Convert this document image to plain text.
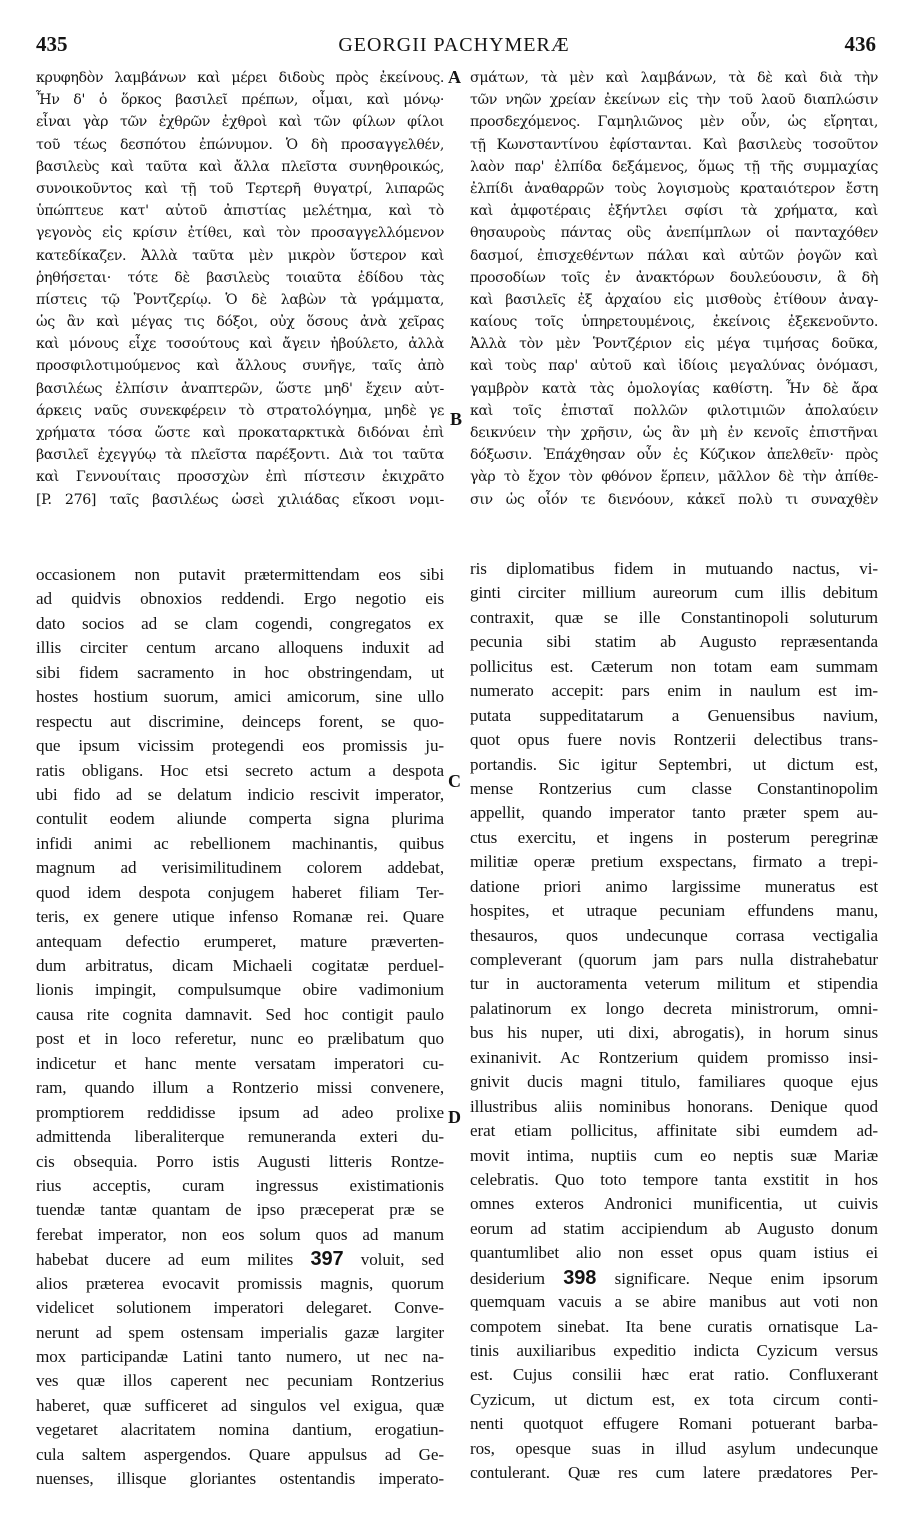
435	GEORGII PACHYMERÆ	436
A
B
C
D

κρυφηδὸν λαμβάνων καὶ μέρει διδοὺς πρὸς ἐκείνους.

Ἦν δ' ὁ ὅρκος βασιλεῖ πρέπων, οἶμαι, καὶ μόνῳ·

εἶναι γὰρ τῶν ἐχθρῶν ἐχθροὶ καὶ τῶν φίλων φίλοι

τοῦ τέως δεσπότου ἐπώνυμον. Ὁ δὴ προσαγγελθέν,

βασιλεὺς καὶ ταῦτα καὶ ἄλλα πλεῖστα συνηθροικώς,

συνοικοῦντος καὶ τῇ τοῦ Τερτερῆ θυγατρί, λιπαρῶς

ὑπώπτευε κατ' αὐτοῦ ἀπιστίας μελέτημα, καὶ τὸ

γεγονὸς εἰς κρίσιν ἐτίθει, καὶ τὸν προσαγγελλόμενον

κατεδίκαζεν. Ἀλλὰ ταῦτα μὲν μικρὸν ὕστερον καὶ

ῥηθήσεται· τότε δὲ βασιλεὺς τοιαῦτα ἐδίδου τὰς

πίστεις τῷ Ῥοντζερίῳ. Ὁ δὲ λαβὼν τὰ γράμματα,

ὡς ἂν καὶ μέγας τις δόξοι, οὐχ ὅσους ἀνὰ χεῖρας

καὶ μόνους εἶχε τοσούτους καὶ ἄγειν ἠβούλετο, ἀλλὰ

προσφιλοτιμούμενος καὶ ἄλλους συνῆγε, ταῖς ἀπὸ

βασιλέως ἐλπίσιν ἀναπτερῶν, ὥστε μηδ' ἔχειν αὐτ-

άρκεις ναῦς συνεκφέρειν τὸ στρατολόγημα, μηδὲ γε

χρήματα τόσα ὥστε καὶ προκαταρκτικὰ διδόναι ἐπὶ

βασιλεῖ ἐχεγγύῳ τὰ πλεῖστα παρέξοντι. Διὰ τοι ταῦτα

καὶ Γεννουίταις προσσχὼν ἐπὶ πίστεσιν ἐκιχρᾶτο

[P. 276] ταῖς βασιλέως ὡσεὶ χιλιάδας εἴκοσι νομι-

σμάτων, τὰ μὲν καὶ λαμβάνων, τὰ δὲ καὶ διὰ τὴν

τῶν νηῶν χρείαν ἐκείνων εἰς τὴν τοῦ λαοῦ διαπλώσιν

προσδεχόμενος. Γαμηλιῶνος μὲν οὖν, ὡς εἴρηται,

τῇ Κωνσταντίνου ἐφίστανται. Καὶ βασιλεὺς τοσοῦτον

λαὸν παρ' ἐλπίδα δεξάμενος, ὅμως τῇ τῆς συμμαχίας

ἐλπίδι ἀναθαρρῶν τοὺς λογισμοὺς κραταιότερον ἔστη

καὶ ἀμφοτέραις ἐξήντλει σφίσι τὰ χρήματα, καὶ

θησαυροὺς πάντας οὓς ἀνεπίμπλων οἱ πανταχόθεν

δασμοί, ἐπισχεθέντων πάλαι καὶ αὐτῶν ῥογῶν καὶ

προσοδίων τοῖς ἐν ἀνακτόρων δουλεύουσιν, ἃ δὴ

καὶ βασιλεῖς ἐξ ἀρχαίου εἰς μισθοὺς ἐτίθουν ἀναγ-

καίους τοῖς ὑπηρετουμένοις, ἐκείνοις ἐξεκενοῦντο.

Ἀλλὰ τὸν μὲν Ῥοντζέριον εἰς μέγα τιμήσας δοῦκα,

καὶ τοὺς παρ' αὐτοῦ καὶ ἰδίοις μεγαλύνας ὀνόμασι,

γαμβρὸν κατὰ τὰς ὁμολογίας καθίστη. Ἦν δὲ ἄρα

καὶ τοῖς ἐπισταῖ πολλῶν φιλοτιμιῶν ἀπολαύειν

δεικνύειν τὴν χρῆσιν, ὡς ἂν μὴ ἐν κενοῖς ἐπιστῆναι

δόξωσιν. Ἐπάχθησαν οὖν ἐς Κύζικον ἀπελθεῖν· πρὸς

γὰρ τὸ ἔχον τὸν φθόνον ἕρπειν, μᾶλλον δὲ τὴν ἀπίθε-

σιν ὡς οἷόν τε διενόουν, κἀκεῖ πολὺ τι συναχθὲν

occasionem non putavit prætermittendam eos sibi

ad quidvis obnoxios reddendi. Ergo negotio eis

dato socios ad se clam cogendi, congregatos ex

illis circiter centum arcano alloquens induxit ad

sibi fidem sacramento in hoc obstringendam, ut

hostes hostium suorum, amici amicorum, sine ullo

respectu aut discrimine, deinceps forent, se quo-

que ipsum vicissim protegendi eos promissis ju-

ratis obligans. Hoc etsi secreto actum a despota

ubi fido ad se delatum indicio rescivit imperator,

contulit eodem aliunde comperta signa plurima

infidi animi ac rebellionem machinantis, quibus

magnum ad verisimilitudinem colorem addebat,

quod idem despota conjugem haberet filiam Ter-

teris, ex genere utique infenso Romanæ rei. Quare

antequam defectio erumperet, mature præverten-

dum arbitratus, dicam Michaeli cogitatæ perduel-

lionis impingit, compulsumque obire vadimonium

causa rite cognita damnavit. Sed hoc contigit paulo

post et in loco referetur, nunc eo prælibatum quo

indicetur et hanc mente versatam imperatori cu-

ram, quando illum a Rontzerio missi convenere,

promptiorem reddidisse ipsum ad adeo prolixe

admittenda liberaliterque remuneranda exteri du-

cis obsequia. Porro istis Augusti litteris Rontze-

rius acceptis, curam ingressus existimationis

tuendæ tantæ quantam de ipso præceperat præ se

ferebat imperator, non eos solum quos ad manum

habebat ducere ad eum milites 397 voluit, sed

alios præterea evocavit promissis magnis, quorum

videlicet solutionem imperatori delegaret. Conve-

nerunt ad spem ostensam imperialis gazæ largiter

mox participandæ Latini tanto numero, ut nec na-

ves quæ illos caperent nec pecuniam Rontzerius

haberet, quæ sufficeret ad singulos vel exigua, quæ

vegetaret alacritatem nomina dantium, erogatiun-

cula saltem aspergendos. Quare appulsus ad Ge-

nuenses, illisque gloriantes ostentandis imperato-

ris diplomatibus fidem in mutuando nactus, vi-

ginti circiter millium aureorum cum illis debitum

contraxit, quæ se ille Constantinopoli soluturum

pecunia sibi statim ab Augusto repræsentanda

pollicitus est. Cæterum non totam eam summam

numerato accepit: pars enim in naulum est im-

putata suppeditatarum a Genuensibus navium,

quot opus fuere novis Rontzerii delectibus trans-

portandis. Sic igitur Septembri, ut dictum est,

mense Rontzerius cum classe Constantinopolim

appellit, quando imperator tanto præter spem au-

ctus exercitu, et ingens in posterum peregrinæ

militiæ operæ pretium exspectans, firmato a trepi-

datione priori animo largissime muneratus est

hospites, et utraque pecuniam effundens manu,

thesauros, quos undecunque corrasa vectigalia

compleverant (quorum jam pars nulla distrahebatur

tur in auctoramenta veterum militum et stipendia

palatinorum ex longo decreta ministrorum, omni-

bus his nuper, uti dixi, abrogatis), in horum sinus

exinanivit. Ac Rontzerium quidem promisso insi-

gnivit ducis magni titulo, familiares quoque ejus

illustribus aliis nominibus honorans. Denique quod

erat etiam pollicitus, affinitate sibi eumdem ad-

movit intima, nuptiis cum eo neptis suæ Mariæ

celebratis. Quo toto tempore tanta exstitit in hos

omnes exteros Andronici munificentia, ut cuivis

eorum ad statim accipiendum ab Augusto donum

quantumlibet alio non esset opus quam istius ei

desiderium 398 significare. Neque enim ipsorum

quemquam vacuis a se abire manibus aut voti non

compotem sinebat. Ita bene curatis ornatisque La-

tinis auxiliaribus expeditio indicta Cyzicum versus

est. Cujus consilii hæc erat ratio. Confluxerant

Cyzicum, ut dictum est, ex tota circum conti-

nenti quotquot effugere Romani potuerant barba-

ros, opesque suas in illud asylum undecunque

contulerant. Quæ res cum latere prædatores Per-
